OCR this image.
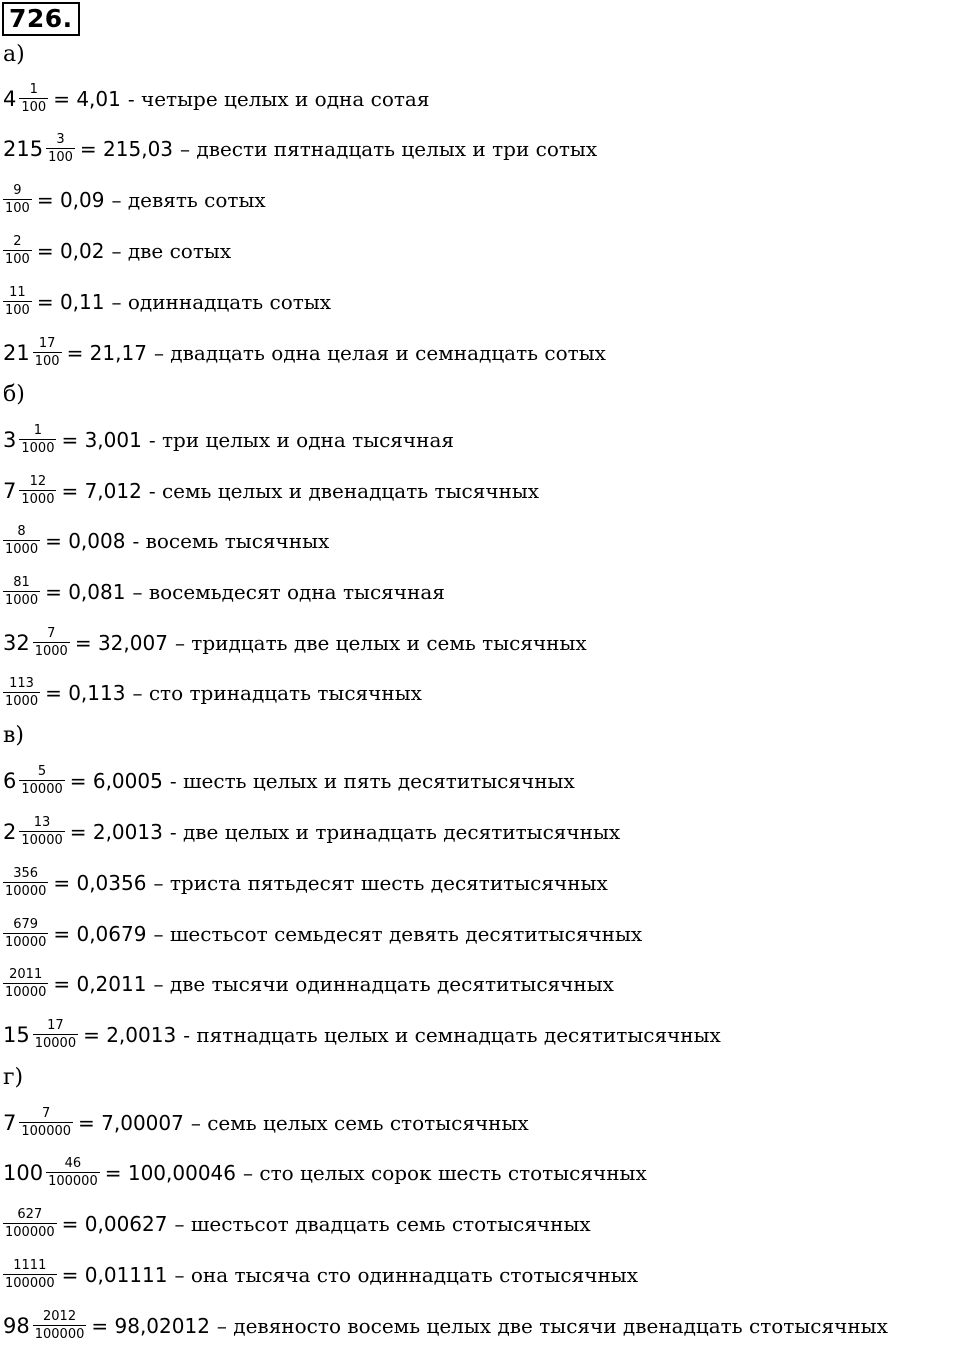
726.
а)
$4 \frac{1}{100} = 4,01$ - четыре целых и одна сотая
$215 \frac{3}{100} = 215,03$ – двести пятнадцать целых и три сотых
$\frac{9}{100} = 0,09$ – девять сотых
$\frac{2}{100} = 0,02$ – две сотых
$\frac{11}{100} = 0,11$ – одиннадцать сотых
$21 \frac{17}{100} = 21,17$ – двадцать одна целая и семнадцать сотых
б)
$3 \frac{1}{1000} = 3,001$ - три целых и одна тысячная
$7 \frac{12}{1000} = 7,012$ - семь целых и двенадцать тысячных
$\frac{8}{1000} = 0,008$ - восемь тысячных
$\frac{81}{1000} = 0,081$ – восемьдесят одна тысячная
$32 \frac{7}{1000} = 32,007$ – тридцать две целых и семь тысячных
$\frac{113}{1000} = 0,113$ – сто тринадцать тысячных
в)
$6 \frac{5}{10000} = 6,0005$ - шесть целых и пять десятитысячных
$2 \frac{13}{10000} = 2,0013$ - две целых и тринадцать десятитысячных
$\frac{356}{10000} = 0,0356$ – триста пятьдесят шесть десятитысячных
$\frac{679}{10000} = 0,0679$ – шестьсот семьдесят девять десятитысячных
$\frac{2011}{10000} = 0,2011$ – две тысячи одиннадцать десятитысячных
$15 \frac{17}{10000} = 2,0013$ - пятнадцать целых и семнадцать десятитысячных
г)
$7 \frac{7}{100000} = 7,00007$ – семь целых семь стотысячных
$100 \frac{46}{100000} = 100,00046$ – сто целых сорок шесть стотысячных
$\frac{627}{100000} = 0,00627$ – шестьсот двадцать семь стотысячных
$\frac{1111}{100000} = 0,01111$ – она тысяча сто одиннадцать стотысячных
$98 \frac{2012}{100000} = 98,02012$ – девяносто восемь целых две тысячи двенадцать стотысячных
